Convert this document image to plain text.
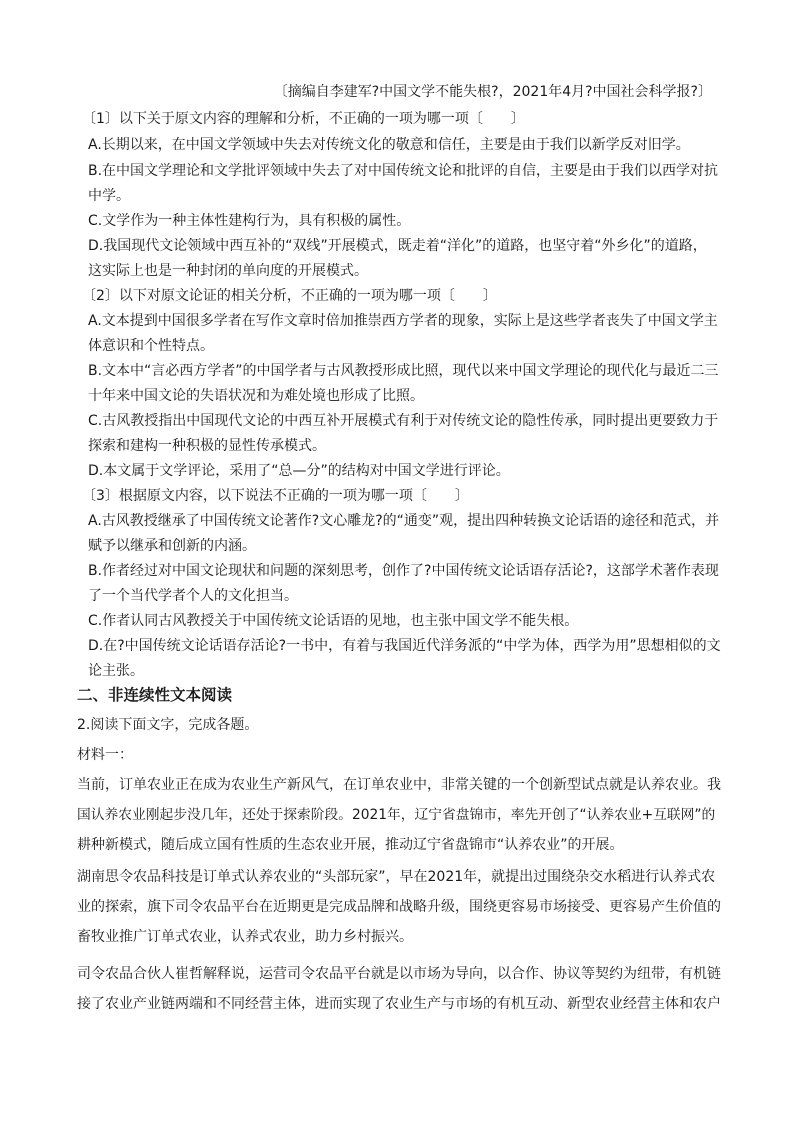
〔摘编自李建军?中国文学不能失根?，2021年4月?中国社会科学报?〕
〔1〕以下关于原文内容的理解和分析，不正确的一项为哪一项〔　　〕
A.长期以来，在中国文学领域中失去对传统文化的敬意和信任，主要是由于我们以新学反对旧学。
B.在中国文学理论和文学批评领域中失去了对中国传统文论和批评的自信，主要是由于我们以西学对抗
中学。
C.文学作为一种主体性建构行为，具有积极的属性。
D.我国现代文论领域中西互补的“双线”开展模式，既走着“洋化”的道路，也坚守着“外乡化”的道路，
这实际上也是一种封闭的单向度的开展模式。
〔2〕以下对原文论证的相关分析，不正确的一项为哪一项〔　　〕
A.文本提到中国很多学者在写作文章时倍加推崇西方学者的现象，实际上是这些学者丧失了中国文学主
体意识和个性特点。
B.文本中“言必西方学者”的中国学者与古风教授形成比照，现代以来中国文学理论的现代化与最近二三
十年来中国文论的失语状况和为难处境也形成了比照。
C.古风教授指出中国现代文论的中西互补开展模式有利于对传统文论的隐性传承，同时提出更要致力于
探索和建构一种积极的显性传承模式。
D.本文属于文学评论，采用了“总—分”的结构对中国文学进行评论。
〔3〕根据原文内容，以下说法不正确的一项为哪一项〔　　〕
A.古风教授继承了中国传统文论著作?文心雕龙?的“通变”观，提出四种转换文论话语的途径和范式，并
赋予以继承和创新的内涵。
B.作者经过对中国文论现状和问题的深刻思考，创作了?中国传统文论话语存活论?，这部学术著作表现
了一个当代学者个人的文化担当。
C.作者认同古风教授关于中国传统文论话语的见地，也主张中国文学不能失根。
D.在?中国传统文论话语存活论?一书中，有着与我国近代洋务派的“中学为体，西学为用”思想相似的文
论主张。
二、非连续性文本阅读
2.阅读下面文字，完成各题。
材料一：
当前，订单农业正在成为农业生产新风气，在订单农业中，非常关键的一个创新型试点就是认养农业。我
国认养农业刚起步没几年，还处于探索阶段。2021年，辽宁省盘锦市，率先开创了“认养农业+互联网”的
耕种新模式，随后成立国有性质的生态农业开展，推动辽宁省盘锦市“认养农业”的开展。
湖南思令农品科技是订单式认养农业的“头部玩家”，早在2021年，就提出过围绕杂交水稻进行认养式农
业的探索，旗下司令农品平台在近期更是完成品牌和战略升级，围绕更容易市场接受、更容易产生价值的
畜牧业推广订单式农业，认养式农业，助力乡村振兴。
司令农品合伙人崔哲解释说，运营司令农品平台就是以市场为导向，以合作、协议等契约为纽带，有机链
接了农业产业链两端和不同经营主体，进而实现了农业生产与市场的有机互动、新型农业经营主体和农户
